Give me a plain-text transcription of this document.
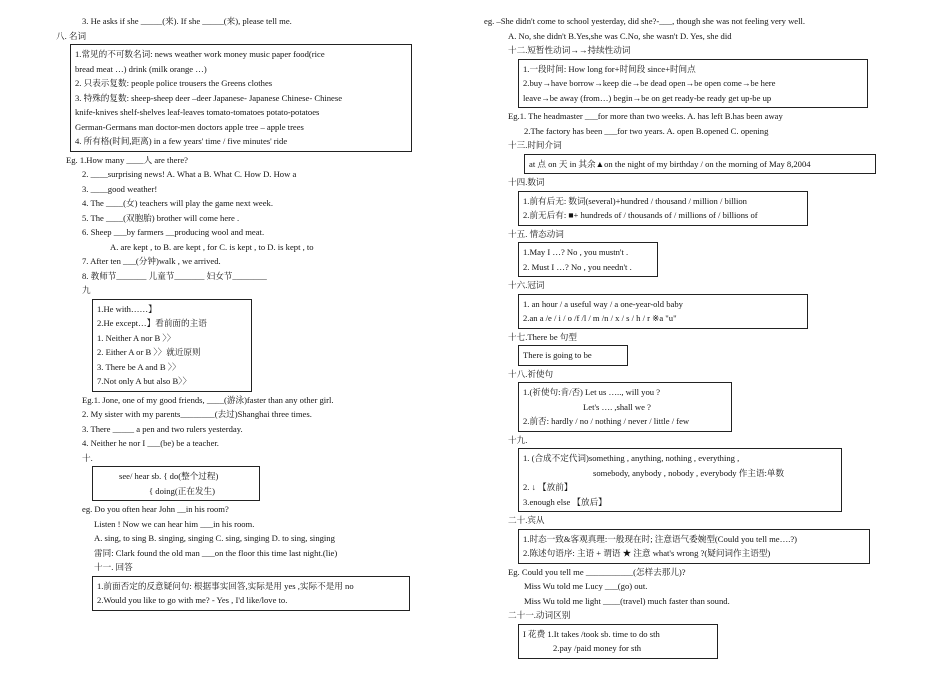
3. He asks if she _____(来). If she _____(来), please tell me.
八. 名词
1.常见的不可数名词: news weather work money music paper food(rice
bread meat …) drink (milk orange …)
2. 只表示复数: people police trousers the Greens clothes
3. 特殊的复数: sheep-sheep deer –deer Japanese- Japanese Chinese- Chinese
knife-knives shelf-shelves leaf-leaves tomato-tomatoes potato-potatoes
German-Germans man doctor-men doctors apple tree – apple trees
4. 所有格(时间,距离) in a few years' time / five minutes' ride
Eg. 1.How many ____人 are there?
2. ____surprising news! A. What a B. What C. How D. How a
3. ____good weather!
4. The ____(女) teachers will play the game next week.
5. The ____(双胞胎) brother will come here .
6. Sheep ___by farmers __producing wool and meat.
A. are kept , to B. are kept , for C. is kept , to D. is kept , to
7. After ten ___(分钟)walk , we arrived.
8. 教师节_______ 儿童节_______ 妇女节________
九
1.He with……】
2.He except…】看前面的主语
1. Neither A nor B 〉〉
2. Either A or B 〉〉就近原则
3. There be A and B 〉〉
7.Not only A but also B〉〉
Eg.1. Jone, one of my good friends, ____(游泳)faster than any other girl.
2. My sister with my parents________(去过)Shanghai three times.
3. There _____ a pen and two rulers yesterday.
4. Neither he nor I ___(be) be a teacher.
十.
see/ hear sb. { do(整个过程)
{ doing(正在发生)
eg. Do you often hear John __in his room?
Listen ! Now we can hear him ___in his room.
A. sing, to sing B. singing, singing C. sing, singing D. to sing, singing
雷同: Clark found the old man ___on the floor this time last night.(lie)
十一. 回答
1.前面否定的反意疑问句: 根据事实回答,实际是用 yes ,实际不是用 no
2.Would you like to go with me? - Yes , I'd like/love to.
eg. –She didn't come to school yesterday, did she?-___, though she was not feeling very well.
A. No, she didn't B.Yes,she was C.No, she wasn't D. Yes, she did
十二.短暂性动词→→持续性动词
1.一段时间: How long for+时间段 since+时间点
2.buy→have borrow→keep die→be dead open→be open come→be here
leave→be away (from…) begin→be on get ready-be ready get up-be up
Eg.1. The headmaster ___for more than two weeks. A. has left B.has been away
2.The factory has been ___for two years. A. open B.opened C. opening
十三.时间介词
at 点 on 天 in 其余▲on the night of my birthday / on the morning of May 8,2004
十四.数词
1.前有后无: 数词(several)+hundred / thousand / million / billion
2.前无后有: ■+ hundreds of / thousands of / millions of / billions of
十五. 情态动词
1.May I …? No , you mustn't .
2. Must I …? No , you needn't .
十六.冠词
1. an hour / a useful way / a one-year-old baby
2.an a /e / i / o /f /l / m /n / x / s / h / r ※a "u"
十七.There be 句型
There is going to be
十八.祈使句
1.(祈使句:肯/否) Let us ….., will you ?
Let's …. ,shall we ?
2.前否: hardly / no / nothing / never / little / few
十九.
1. (合成不定代词)something , anything, nothing , everything ,
somebody, anybody , nobody , everybody 作主语:单数
2. ↓ 【放前】
3.enough else 【放后】
二十.宾从
1.时态一致&客观真理:一般现在时; 注意语气委婉型(Could you tell me….?)
2.陈述句语序: 主语 + 谓语 ★ 注意 what's wrong ?(疑问词作主语型)
Eg. Could you tell me ___________(怎样去那儿)?
Miss Wu told me Lucy ___(go) out.
Miss Wu told me light ____(travel) much faster than sound.
二十一.动词区别
I 花费 1.It takes /took sb. time to do sth
2.pay /paid money for sth
